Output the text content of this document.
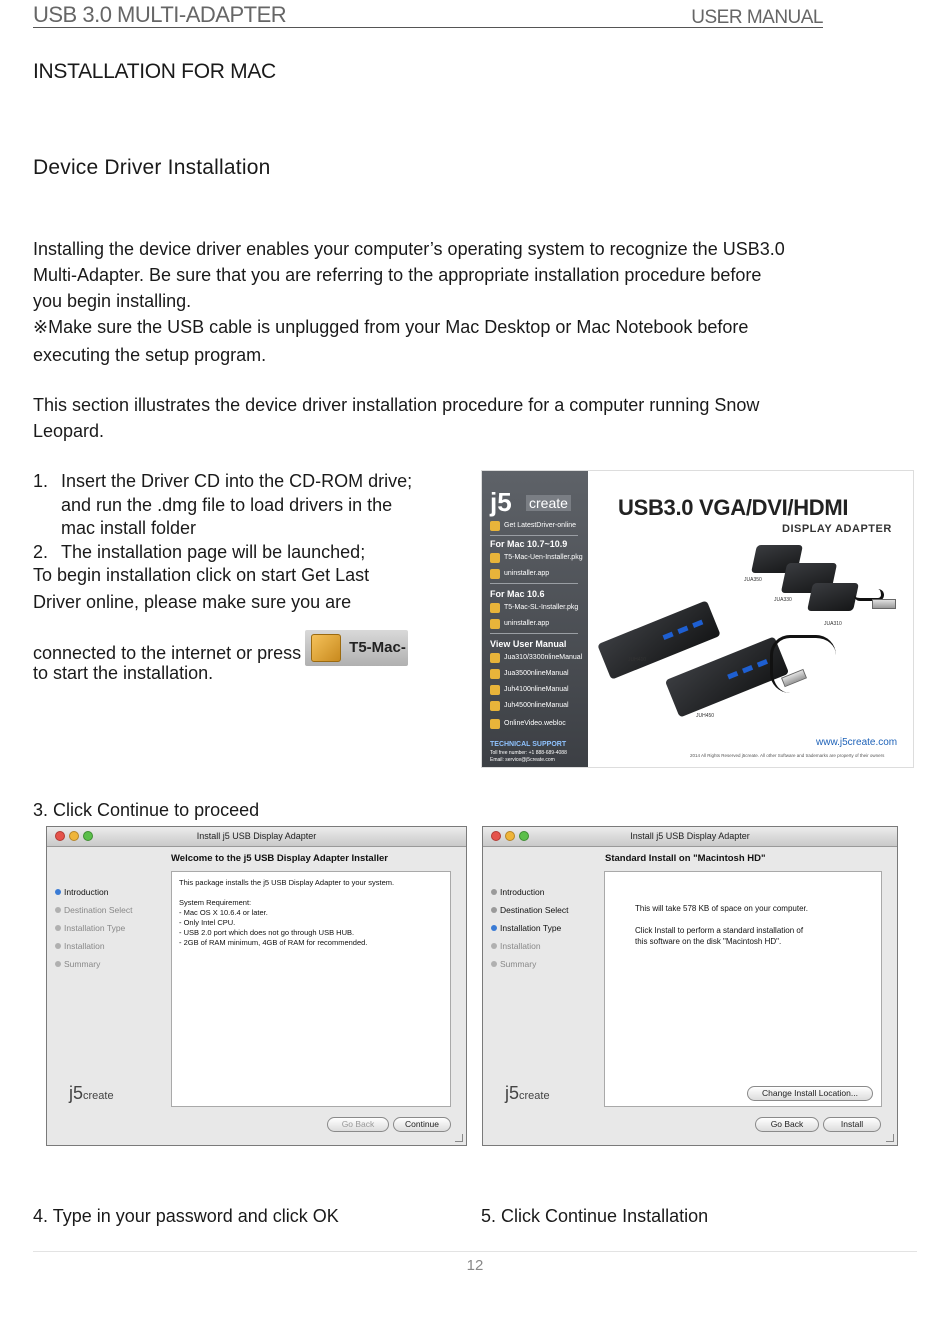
USB 3.0 MULTI-ADAPTER	USER MANUAL
INSTALLATION FOR MAC
Device Driver Installation
Installing the device driver enables your computer’s operating system to recognize the USB3.0
Multi-Adapter. Be sure that you are referring to the appropriate installation procedure before
you begin installing.
※Make sure the USB cable is unplugged from your Mac Desktop or Mac Notebook before
executing the setup program.
This section illustrates the device driver installation procedure for a computer running Snow
Leopard.
1. Insert the Driver CD into the CD-ROM drive;
and run the .dmg file to load drivers in the
mac install folder
2. The installation page will be launched;
To begin installation click on start Get Last
Driver online, please make sure you are
connected to the internet or press	T5-Mac-
to start the installation.
j5 create
Get LatestDriver-online
For Mac 10.7~10.9
T5-Mac-Uen-Installer.pkg
uninstaller.app
For Mac 10.6
T5-Mac-SL-Installer.pkg
uninstaller.app
View User Manual
Jua310/3300nlineManual
Jua3500nlineManual
Juh4100nlineManual
Juh4500nlineManual
OnlineVideo.webloc
TECHNICAL SUPPORT
Toll free number: +1 888-689-4088
Email: service@j5create.com
USB3.0 VGA/DVI/HDMI
DISPLAY ADAPTER
JUA350
JUA330
JUA310
JUH410
JUH450
www.j5create.com
2014 All Rights Reserved j5create. All other Software and trademarks are property of their owners
3. Click Continue to proceed
Install j5 USB Display Adapter
Welcome to the j5 USB Display Adapter Installer
Introduction
Destination Select
Installation Type
Installation
Summary
This package installs the j5 USB Display Adapter to your system.
System Requirement:
- Mac OS X 10.6.4 or later.
- Only Intel CPU.
- USB 2.0 port which does not go through USB HUB.
- 2GB of RAM minimum, 4GB of RAM for recommended.
j5create
Go Back	Continue
Install j5 USB Display Adapter
Standard Install on "Macintosh HD"
Introduction
Destination Select
Installation Type
Installation
Summary
This will take 578 KB of space on your computer.
Click Install to perform a standard installation of
this software on the disk "Macintosh HD".
Change Install Location...
j5create
Go Back	Install
4. Type in your password and click OK	5. Click Continue Installation
12
